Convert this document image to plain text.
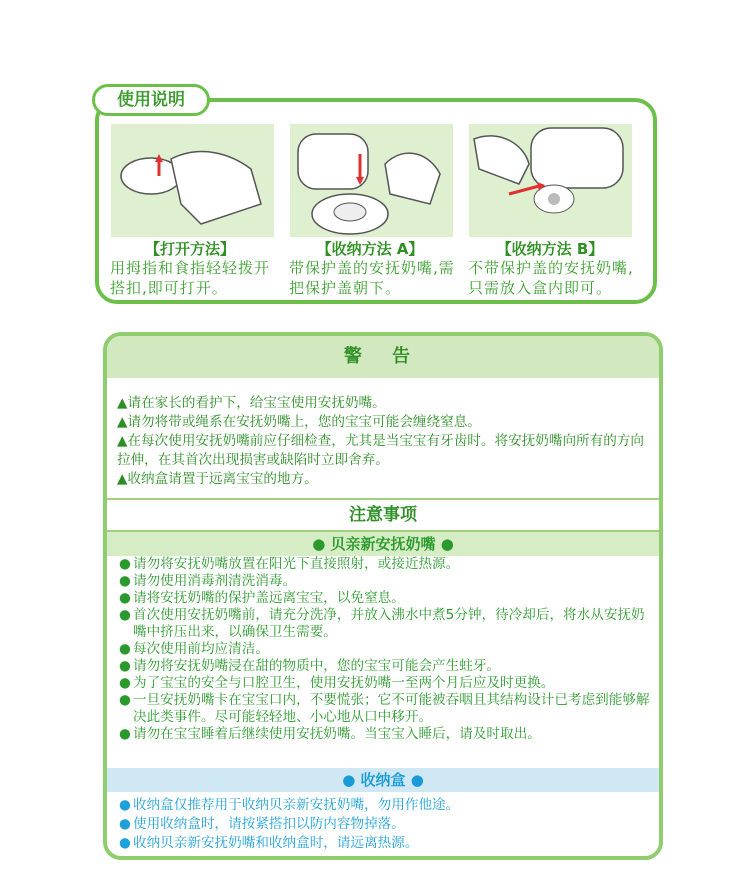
使用说明
【打开方法】	【收纳方法 A】	【收纳方法 B】
用拇指和食指轻轻拨开搭扣,即可打开。
带保护盖的安抚奶嘴,需把保护盖朝下。
不带保护盖的安抚奶嘴,只需放入盒内即可。
警 告
▲请在家长的看护下，给宝宝使用安抚奶嘴。
▲请勿将带或绳系在安抚奶嘴上，您的宝宝可能会缠绕窒息。
▲在每次使用安抚奶嘴前应仔细检查，尤其是当宝宝有牙齿时。将安抚奶嘴向所有的方向拉伸，在其首次出现损害或缺陷时立即舍弃。
▲收纳盒请置于远离宝宝的地方。
注意事项
● 贝亲新安抚奶嘴 ●
● 请勿将安抚奶嘴放置在阳光下直接照射，或接近热源。
● 请勿使用消毒剂清洗消毒。
● 请将安抚奶嘴的保护盖远离宝宝，以免窒息。
● 首次使用安抚奶嘴前，请充分洗净，并放入沸水中煮5分钟，待冷却后，将水从安抚奶嘴中挤压出来，以确保卫生需要。
● 每次使用前均应清洁。
● 请勿将安抚奶嘴浸在甜的物质中，您的宝宝可能会产生蛀牙。
● 为了宝宝的安全与口腔卫生，使用安抚奶嘴一至两个月后应及时更换。
● 一旦安抚奶嘴卡在宝宝口内，不要慌张；它不可能被吞咽且其结构设计已考虑到能够解决此类事件。尽可能轻轻地、小心地从口中移开。
● 请勿在宝宝睡着后继续使用安抚奶嘴。当宝宝入睡后，请及时取出。
● 收纳盒 ●
● 收纳盒仅推荐用于收纳贝亲新安抚奶嘴，勿用作他途。
● 使用收纳盒时，请按紧搭扣以防内容物掉落。
● 收纳贝亲新安抚奶嘴和收纳盒时，请远离热源。
